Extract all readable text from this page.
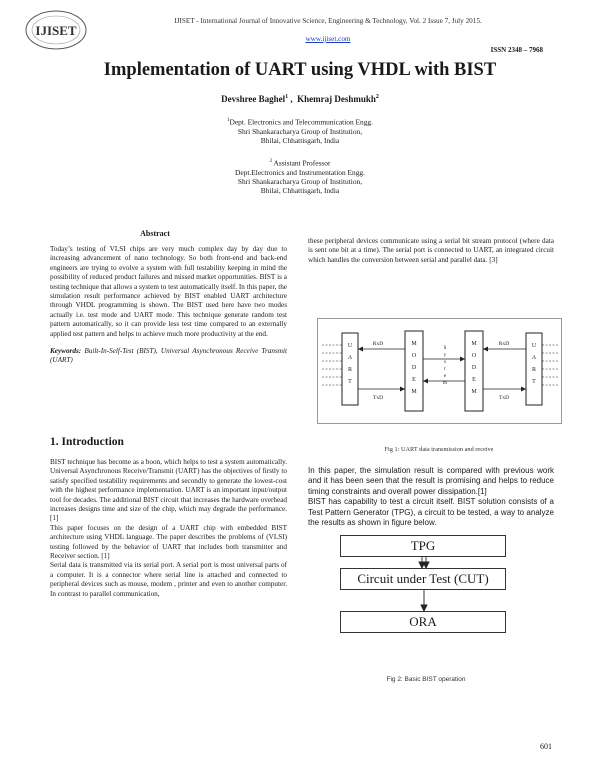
IJISET
IJISET - International Journal of Innovative Science, Engineering & Technology, Vol. 2 Issue 7, July 2015.
www.ijiset.com
ISSN 2348 – 7968
Implementation of UART using VHDL with BIST
Devshree Baghel$^1$ ,  Khemraj Deshmukh$^2$
$^1$Dept. Electronics and Telecommunication Engg.
Shri Shankaracharya Group of Institution,
Bhilai, Chhattisgarh, India
$^2$ Assistant Professor
Dept.Electronics and Instrumentation Engg.
Shri Shankaracharya Group of Institution,
Bhilai, Chhattisgarh, India
Abstract

Today’s testing of VLSI chips are very much complex day by day due to increasing advancement of nano technology. So both front-end and back-end engineers are trying to evolve a system with full testability keeping in mind the possibility of reduced product failures and missed market opportunities. BIST is a testing technique that allows a system to test automatically itself. In this paper, the simulation result performance achieved by BIST enabled UART architecture through VHDL programming is shown. The BIST used here have two modes actually i.e. test mode and UART mode. This technique generate random test pattern automatically, so it can provide less test time compared to an externally applied test pattern and helps to achieve much more productivity at the end.

Keywords: Built-In-Self-Test (BIST), Universal Asynchronous Receive Transmit (UART)

1. Introduction

BIST technique has become as a boon, which helps to test a system automatically. Universal Asynchronous Receive/Transmit (UART) has the objectives of firstly to satisfy specified testability requirements and secondly to generate the lowest-cost with the highest performance implementation. UART is an important input/output tool for decades. The additional BIST circuit that increases the hardware overhead increases designs time and size of the chip, which may degrade the performance. [1]

This paper focuses on the design of a UART chip with embedded BIST architecture using VHDL language. The paper describes the problems of (VLSI) testing followed by the behavior of UART that includes both transmitter and Receiver section. [1]

Serial data is transmitted via its serial port. A serial port is most universal parts of a computer. It is a connector where serial line is attached and connected to peripheral devices such as mouse, modem , printer and even to another computer. In contrast to parallel communication,

these peripheral devices communicate using a serial bit stream protocol (where data is sent one bit at a time). The serial port is connected to UART, an integrated circuit which handles the conversion between serial and parallel data. [3]
U
A
R
T
M
O
D
E
M
M
O
D
E
M
U
A
R
T
S
y
s
t
e
m
RxD
TxD
RxD
TxD
Fig 1: UART data transmission and receive

In this paper, the simulation result is compared with previous work and it has been seen that the result is promising and helps to reduce timing constraints and overall power dissipation.[1]

BIST has capability to test a circuit itself. BIST solution consists of a Test Pattern Generator (TPG), a circuit to be tested, a way to analyze the results as shown in figure below.

TPG
Circuit under Test (CUT)
ORA
Fig 2: Basic BIST operation
601
